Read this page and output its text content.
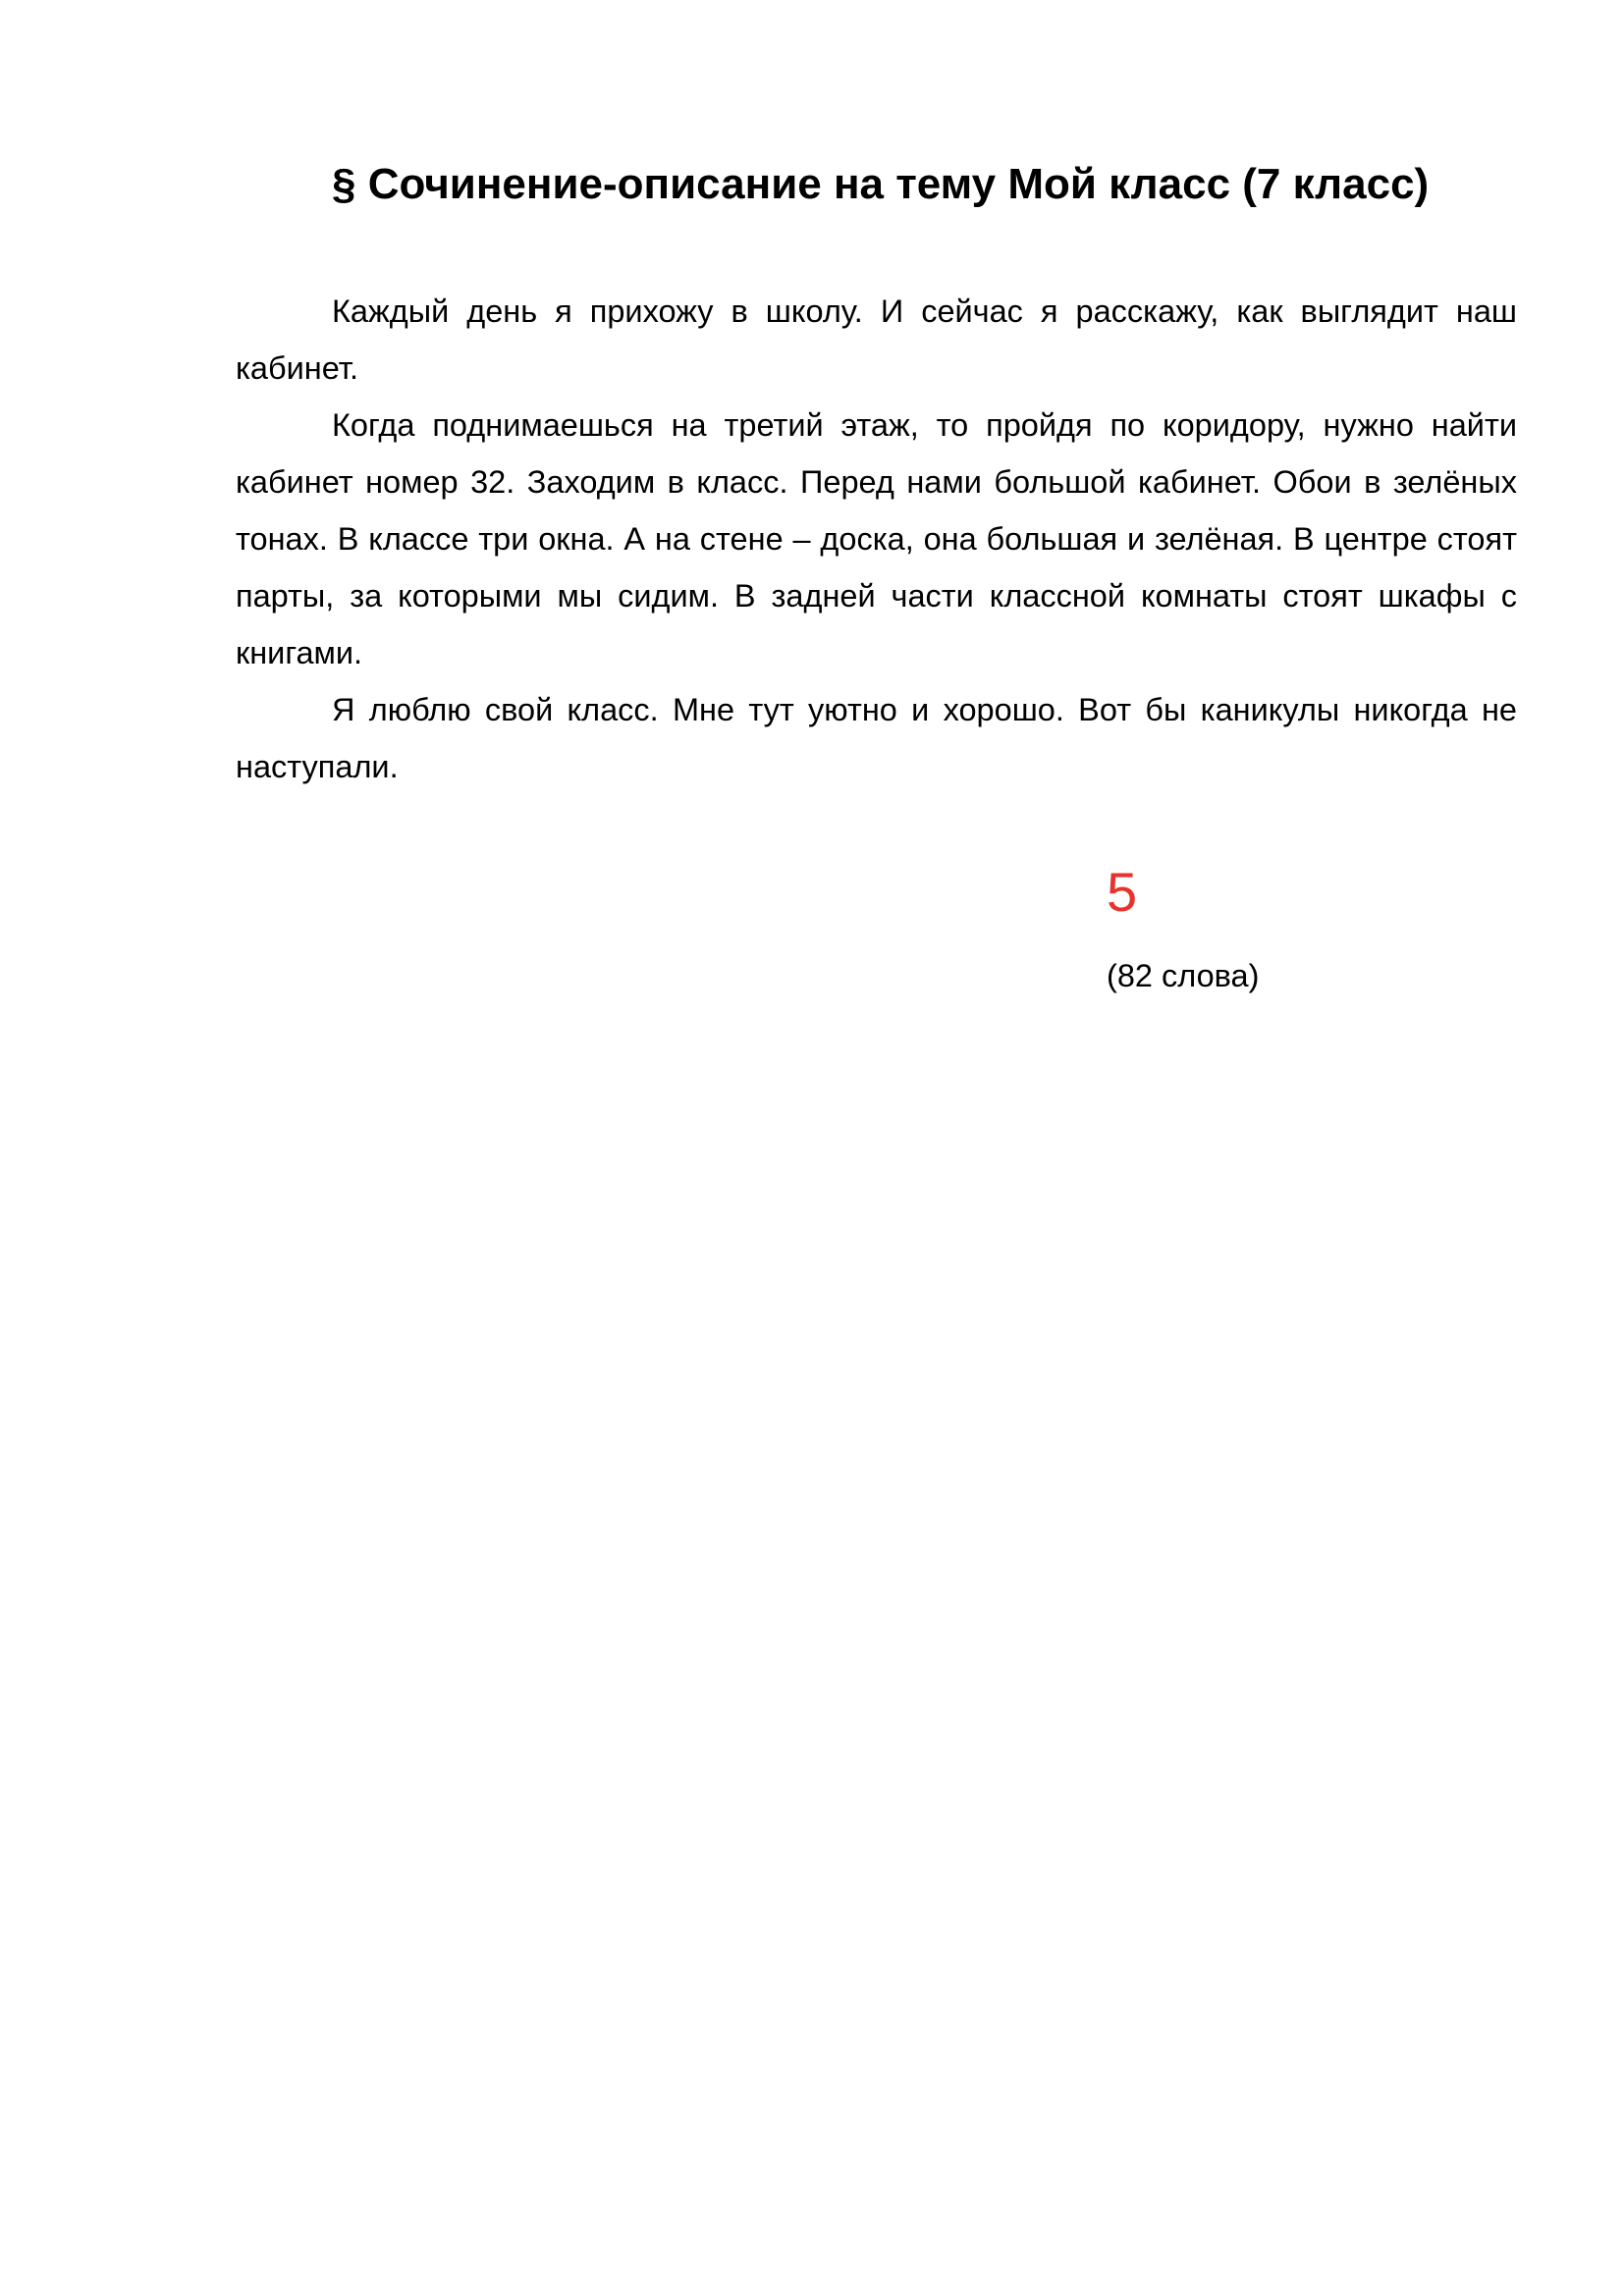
§ Сочинение-описание на тему Мой класс (7 класс)

Каждый день я прихожу в школу. И сейчас я расскажу, как выглядит наш кабинет.

Когда поднимаешься на третий этаж, то пройдя по коридору, нужно найти кабинет номер 32. Заходим в класс. Перед нами большой кабинет. Обои в зелёных тонах. В классе три окна. А на стене – доска, она большая и зелёная. В центре стоят парты, за которыми мы сидим. В задней части классной комнаты стоят шкафы с книгами.

Я люблю свой класс. Мне тут уютно и хорошо. Вот бы каникулы никогда не наступали.

5
(82 слова)
